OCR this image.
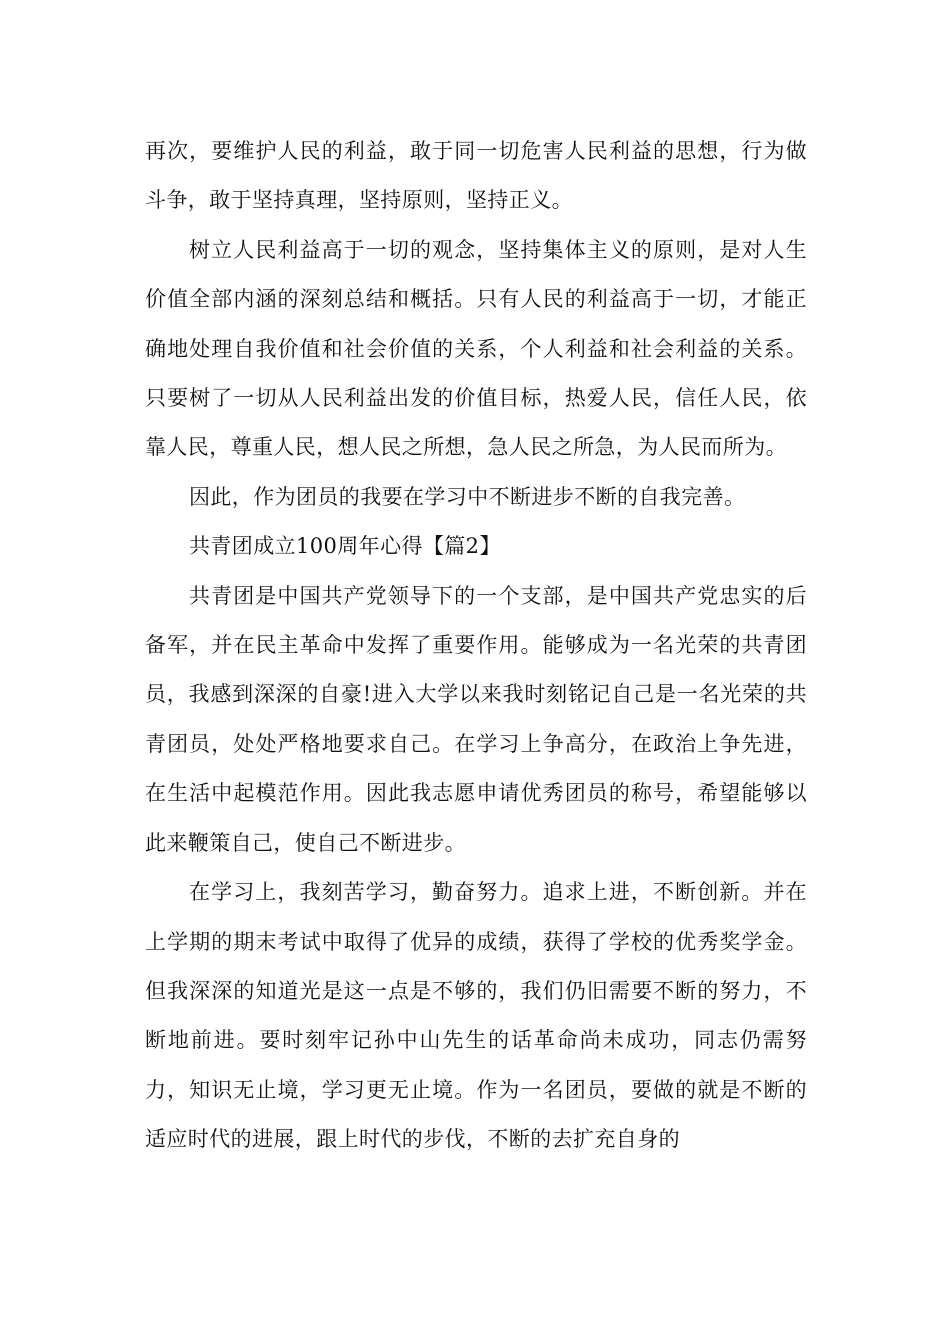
再次，要维护人民的利益，敢于同一切危害人民利益的思想，行为做斗争，敢于坚持真理，坚持原则，坚持正义。

树立人民利益高于一切的观念，坚持集体主义的原则，是对人生价值全部内涵的深刻总结和概括。只有人民的利益高于一切，才能正确地处理自我价值和社会价值的关系，个人利益和社会利益的关系。只要树了一切从人民利益出发的价值目标，热爱人民，信任人民，依靠人民，尊重人民，想人民之所想，急人民之所急，为人民而所为。

因此，作为团员的我要在学习中不断进步不断的自我完善。

共青团成立100周年心得【篇2】

共青团是中国共产党领导下的一个支部，是中国共产党忠实的后备军，并在民主革命中发挥了重要作用。能够成为一名光荣的共青团员，我感到深深的自豪!进入大学以来我时刻铭记自己是一名光荣的共青团员，处处严格地要求自己。在学习上争高分，在政治上争先进，在生活中起模范作用。因此我志愿申请优秀团员的称号，希望能够以此来鞭策自己，使自己不断进步。

在学习上，我刻苦学习，勤奋努力。追求上进，不断创新。并在上学期的期末考试中取得了优异的成绩，获得了学校的优秀奖学金。但我深深的知道光是这一点是不够的，我们仍旧需要不断的努力，不断地前进。要时刻牢记孙中山先生的话革命尚未成功，同志仍需努力，知识无止境，学习更无止境。作为一名团员，要做的就是不断的适应时代的进展，跟上时代的步伐，不断的去扩充自身的
